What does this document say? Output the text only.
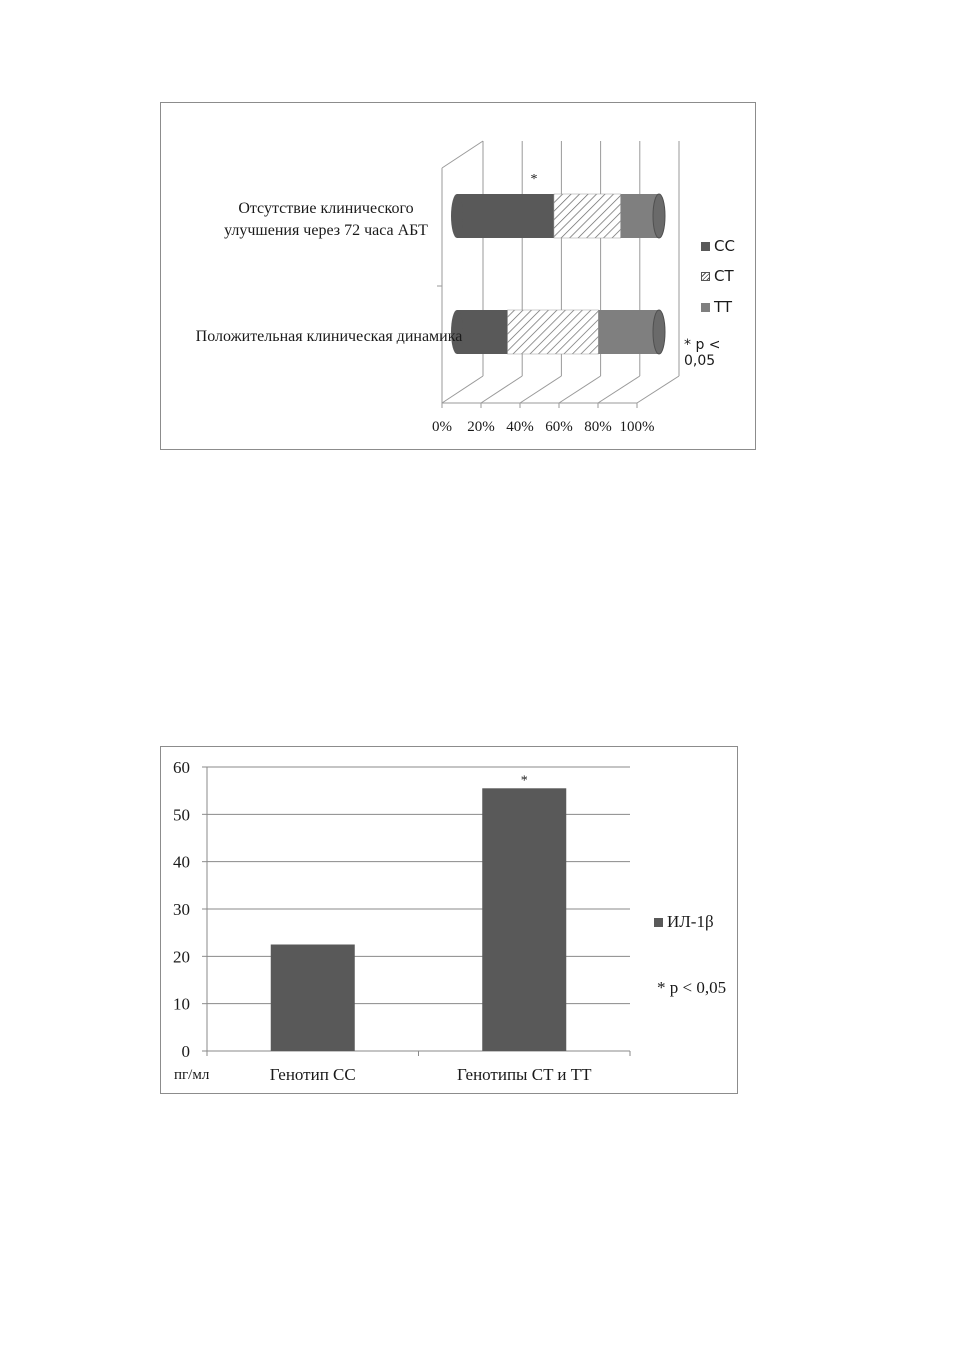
0% 20% 40% 60% 80% 100%
*
Отсутствие клинического улучшения через 72 часа АБТ
Положительная клиническая динамика
CC
CT
TT
* p < 0,05
0
10
20
30
40
50
60
Генотип CC	Генотипы CT и TT
*
ИЛ-1β
* p < 0,05
пг/мл
